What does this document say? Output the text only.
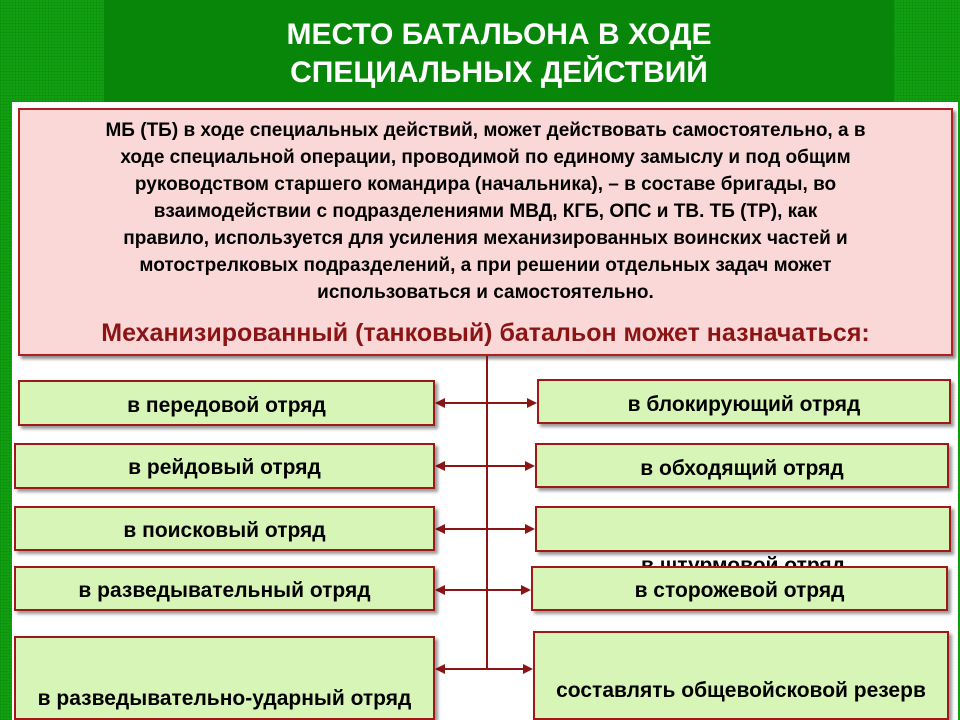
МЕСТО БАТАЛЬОНА В ХОДЕ
СПЕЦИАЛЬНЫХ ДЕЙСТВИЙ
МБ (ТБ) в ходе специальных действий, может действовать самостоятельно, а в
ходе специальной операции, проводимой по единому замыслу и под общим
руководством старшего командира (начальника), – в составе бригады, во
взаимодействии с подразделениями МВД, КГБ, ОПС и ТВ. ТБ (ТР), как
правило, используется для усиления механизированных воинских частей и
мотострелковых подразделений, а при решении отдельных задач может
использоваться и самостоятельно.
Механизированный (танковый) батальон может назначаться:
в передовой отряд
в рейдовый отряд
в поисковый отряд
в разведывательный отряд
в разведывательно-ударный отряд
в блокирующий отряд
в обходящий отряд
в сторожевой отряд
составлять общевойсковой резерв
